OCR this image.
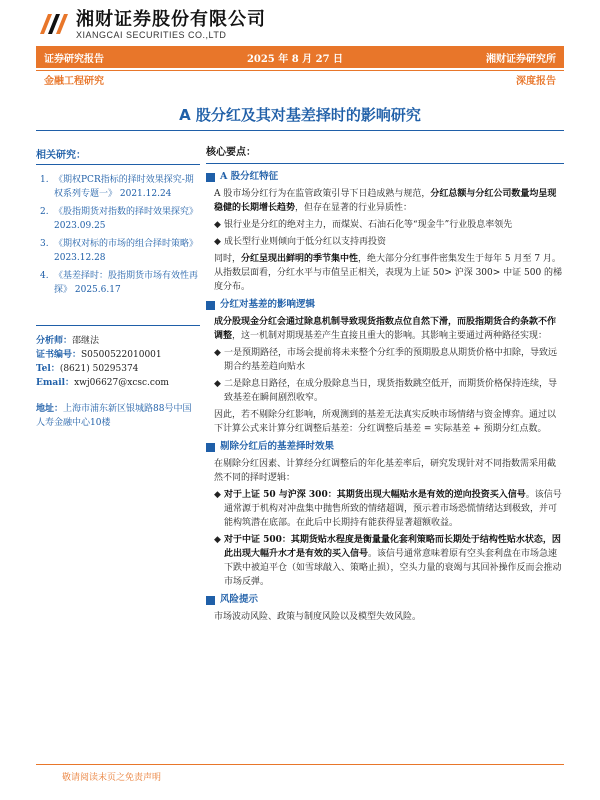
湘财证券股份有限公司
XIANGCAI SECURITIES CO.,LTD
证券研究报告	2025 年 8 月 27 日	湘财证券研究所
金融工程研究	深度报告
A 股分红及其对基差择时的影响研究
相关研究：
1. 《期权PCR指标的择时效果探究-期权系列专题一》 2021.12.24
2. 《股指期货对指数的择时效果探究》 2023.09.25
3. 《期权对标的市场的组合择时策略》 2023.12.28
4. 《基差择时：股指期货市场有效性再探》 2025.6.17
分析师：邵继法
证书编号：S0500522010001
Tel：(8621) 50295374
Email：xwj06627@xcsc.com
地址：上海市浦东新区银城路88号中国人寿金融中心10楼
核心要点：
A 股分红特征

A 股市场分红行为在监管政策引导下日趋成熟与规范，分红总额与分红公司数量均呈现稳健的长期增长趋势，但存在显著的行业异质性：

◆ 银行业是分红的绝对主力，而煤炭、石油石化等“现金牛”行业股息率领先
◆ 成长型行业则倾向于低分红以支持再投资

同时，分红呈现出鲜明的季节集中性，绝大部分分红事件密集发生于每年 5 月至 7 月。从指数层面看，分红水平与市值呈正相关，表现为上证 50> 沪深 300> 中证 500 的梯度分布。

分红对基差的影响逻辑

成分股现金分红会通过除息机制导致现货指数点位自然下滑，而股指期货合约条款不作调整，这一机制对期现基差产生直接且重大的影响。其影响主要通过两种路径实现：

◆ 一是预期路径，市场会提前将未来整个分红季的预期股息从期货价格中扣除，导致远期合约基差趋向贴水
◆ 二是除息日路径，在成分股除息当日，现货指数跳空低开，而期货价格保持连续，导致基差在瞬间剧烈收窄。

因此，若不剔除分红影响，所观测到的基差无法真实反映市场情绪与资金博弈。通过以下计算公式来计算分红调整后基差：分红调整后基差 = 实际基差 + 预期分红点数。

剔除分红后的基差择时效果

在剔除分红因素、计算经分红调整后的年化基差率后，研究发现针对不同指数需采用截然不同的择时逻辑：

◆ 对于上证 50 与沪深 300：其期货出现大幅贴水是有效的逆向投资买入信号。该信号通常源于机构对冲盘集中抛售所致的情绪超调，预示着市场恐慌情绪达到极致，并可能构筑潜在底部。在此后中长期持有能获得显著超额收益。
◆ 对于中证 500：其期货贴水程度是衡量量化套利策略而长期处于结构性贴水状态，因此出现大幅升水才是有效的买入信号。该信号通常意味着原有空头套利盘在市场急速下跌中被迫平仓（如雪球敲入、策略止损），空头力量的衰竭与其回补操作反而会推动市场反弹。
风险提示

市场波动风险、政策与制度风险以及模型失效风险。

敬请阅读末页之免责声明
